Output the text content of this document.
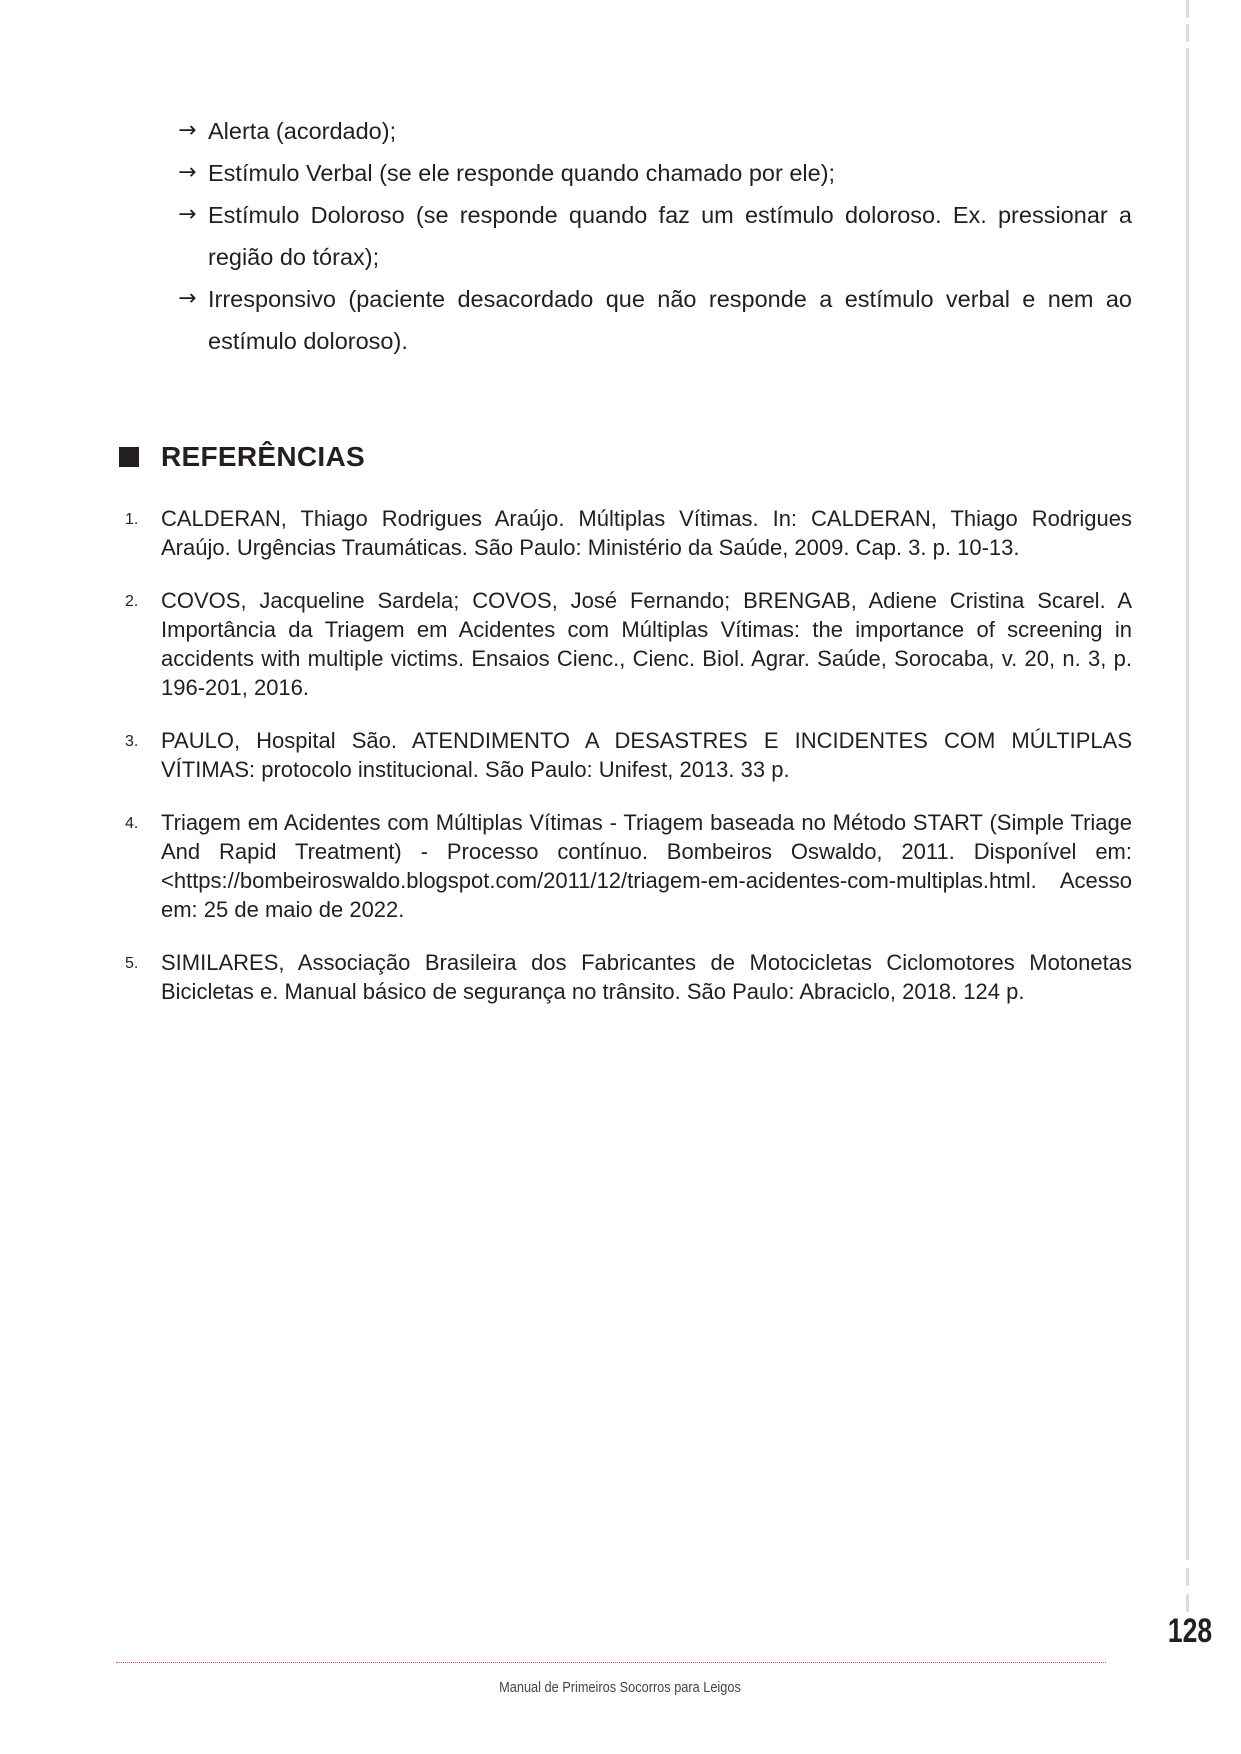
→ Alerta (acordado);
→ Estímulo Verbal (se ele responde quando chamado por ele);
→ Estímulo Doloroso (se responde quando faz um estímulo doloroso. Ex. pressionar a região do tórax);
→ Irresponsivo (paciente desacordado que não responde a estímulo verbal e nem ao estímulo doloroso).
REFERÊNCIAS
1. CALDERAN, Thiago Rodrigues Araújo. Múltiplas Vítimas. In: CALDERAN, Thiago Rodrigues Araújo. Urgências Traumáticas. São Paulo: Ministério da Saúde, 2009. Cap. 3. p. 10-13.
2. COVOS, Jacqueline Sardela; COVOS, José Fernando; BRENGAB, Adiene Cristina Scarel. A Importância da Triagem em Acidentes com Múltiplas Vítimas: the importance of screening in accidents with multiple victims. Ensaios Cienc., Cienc. Biol. Agrar. Saúde, Sorocaba, v. 20, n. 3, p. 196-201, 2016.
3. PAULO, Hospital São. ATENDIMENTO A DESASTRES E INCIDENTES COM MÚLTIPLAS VÍTIMAS: protocolo institucional. São Paulo: Unifest, 2013. 33 p.
4. Triagem em Acidentes com Múltiplas Vítimas - Triagem baseada no Método START (Simple Triage And Rapid Treatment) - Processo contínuo. Bombeiros Oswaldo, 2011. Disponível em: <https://bombeiroswaldo.blogspot.com/2011/12/triagem-em-acidentes-com-multiplas.html. Acesso em: 25 de maio de 2022.
5. SIMILARES, Associação Brasileira dos Fabricantes de Motocicletas Ciclomotores Motonetas Bicicletas e. Manual básico de segurança no trânsito. São Paulo: Abraciclo, 2018. 124 p.
128
Manual de Primeiros Socorros para Leigos
